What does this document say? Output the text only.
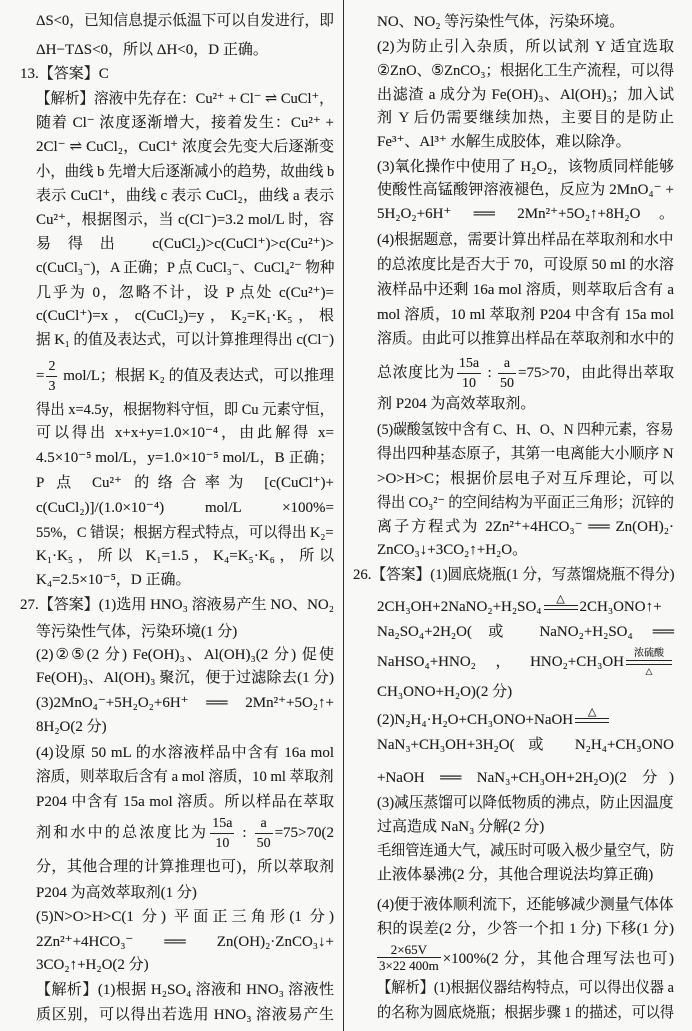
ΔS<0，已知信息提示低温下可以自发进行，即
ΔH−TΔS<0，所以 ΔH<0，D 正确。
13.【答案】C
【解析】溶液中先存在：Cu²⁺ + Cl⁻ ⇌ CuCl⁺，
随着 Cl⁻ 浓度逐渐增大，接着发生：Cu²⁺ +
2Cl⁻ ⇌ CuCl₂，CuCl⁺ 浓度会先变大后逐渐变
小，曲线 b 先增大后逐渐减小的趋势，故曲线 b
表示 CuCl⁺，曲线 c 表示 CuCl₂，曲线 a 表示
Cu²⁺，根据图示，当 c(Cl⁻)=3.2 mol/L 时，容
易得出 c(CuCl₂)>c(CuCl⁺)>c(Cu²⁺)>
c(CuCl₃⁻)，A 正确；P 点 CuCl₃⁻、CuCl₄²⁻ 物种
几乎为 0，忽略不计，设 P 点处 c(Cu²⁺)=
c(CuCl⁺)=x，c(CuCl₂)=y，K₂=K₁·K₅，根
据 K₁ 的值及表达式，可以计算推理得出 c(Cl⁻)
= $\frac{2}{3} mol/L$；根据 K₂ 的值及表达式，可以推理
得出 x=4.5y，根据物料守恒，即 Cu 元素守恒，
可以得出 x+x+y=1.0×10⁻⁴，由此解得 x=
4.5×10⁻⁵ mol/L，y=1.0×10⁻⁵ mol/L，B 正确；
P 点 Cu²⁺ 的络合率为 [c(CuCl⁺)+
c(CuCl₂)]/(1.0×10⁻⁴) mol/L ×100%=
55%，C 错误；根据方程式特点，可以得出 K₂=
K₁·K₅，所以 K₁=1.5，K₄=K₅·K₆，所以
K₄=2.5×10⁻⁵，D 正确。
27.【答案】(1)选用 HNO₃ 溶液易产生 NO、NO₂
等污染性气体，污染环境(1 分)
(2)②⑤(2 分) Fe(OH)₃、Al(OH)₃(2 分) 促使
Fe(OH)₃、Al(OH)₃ 聚沉，便于过滤除去(1 分)
(3)2MnO₄⁻+5H₂O₂+6H⁺ ══ 2Mn²⁺+5O₂↑+
8H₂O(2 分)
(4)设原 50 mL 的水溶液样品中含有 16a mol
溶质，则萃取后含有 a mol 溶质，10 ml 萃取剂
P204 中含有 15a mol 溶质。所以样品在萃取
剂和水中的总浓度比为 $\frac{15a}{10}$ : $\frac{a}{50} =75>70(2$
分，其他合理的计算推理也可)，所以萃取剂
P204 为高效萃取剂(1 分)
(5)N>O>H>C(1 分) 平面正三角形(1 分)
2Zn²⁺+4HCO₃⁻ ══ Zn(OH)₂·ZnCO₃↓+
3CO₂↑+H₂O(2 分)
【解析】(1)根据 H₂SO₄ 溶液和 HNO₃ 溶液性
质区别，可以得出若选用 HNO₃ 溶液易产生
NO、NO₂ 等污染性气体，污染环境。
(2)为防止引入杂质，所以试剂 Y 适宜选取
②ZnO、⑤ZnCO₃；根据化工生产流程，可以得
出滤渣 a 成分为 Fe(OH)₃、Al(OH)₃；加入试
剂 Y 后仍需要继续加热，主要目的是防止
Fe³⁺、Al³⁺ 水解生成胶体，难以除净。
(3)氧化操作中使用了 H₂O₂，该物质同样能够
使酸性高锰酸钾溶液褪色，反应为 2MnO₄⁻ +
5H₂O₂+6H⁺ ══ 2Mn²⁺+5O₂↑+8H₂O。
(4)根据题意，需要计算出样品在萃取剂和水中
的总浓度比是否大于 70，可设原 50 ml 的水溶
液样品中还剩 16a mol 溶质，则萃取后含有 a
mol 溶质，10 ml 萃取剂 P204 中含有 15a mol
溶质。由此可以推算出样品在萃取剂和水中的
总浓度比为 $\frac{15a}{10}$ : $\frac{a}{50} =75>70$，由此得出萃取
剂 P204 为高效萃取剂。
(5)碳酸氢铵中含有 C、H、O、N 四种元素，容易
得出四种基态原子，其第一电离能大小顺序 N
>O>H>C；根据价层电子对互斥理论，可以
得出 CO₃²⁻ 的空间结构为平面正三角形；沉锌的
离子方程式为 2Zn²⁺+4HCO₃⁻ ══ Zn(OH)₂·
ZnCO₃↓+3CO₂↑+H₂O。
26.【答案】(1)圆底烧瓶(1 分，写蒸馏烧瓶不得分)
2CH₃OH+2NaNO₂+H₂SO₄	△ 2CH₃ONO↑+
Na₂SO₄+2H₂O(或 NaNO₂+H₂SO₄ ══
NaHSO₄+HNO₂，HNO₂+CH₃OH
浓硫酸
△
CH₃ONO+H₂O)(2 分)
(2)N₂H₄·H₂O+CH₃ONO+NaOH	△
NaN₃+CH₃OH+3H₂O(或 N₂H₄+CH₃ONO
+NaOH ══ NaN₃+CH₃OH+2H₂O)(2 分)
(3)减压蒸馏可以降低物质的沸点，防止因温度
过高造成 NaN₃ 分解(2 分)
毛细管连通大气，减压时可吸入极少量空气，防
止液体暴沸(2 分，其他合理说法均算正确)
(4)便于液体顺利流下，还能够减少测量气体体
积的误差(2 分，少答一个扣 1 分) 下移(1 分)
$\frac{2\times 65V}{3\times 22 400m} \times 100\%(2$ 分，其他合理写法也可)
【解析】(1)根据仪器结构特点，可以得出仪器 a
的名称为圆底烧瓶；根据步骤 1 的描述，可以得
